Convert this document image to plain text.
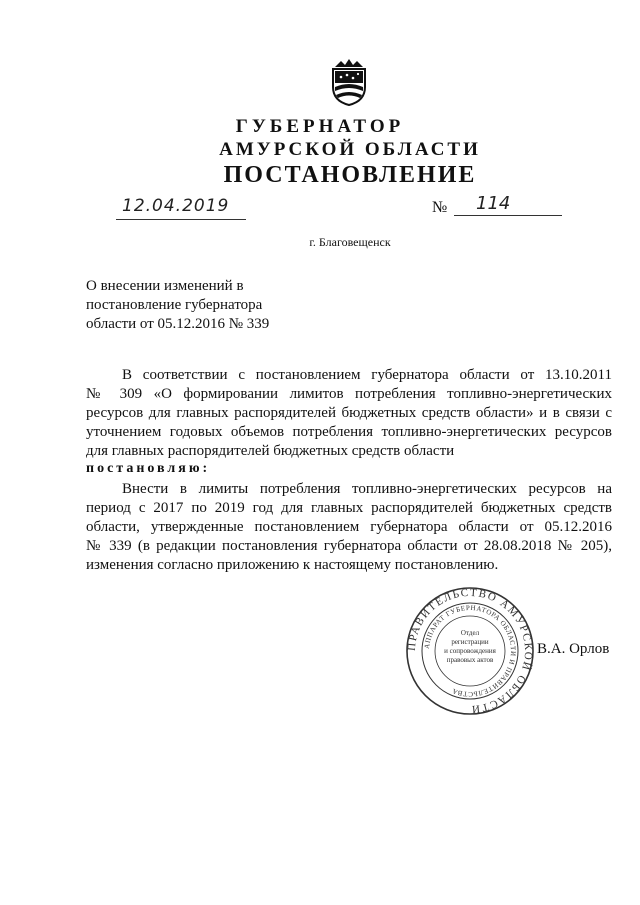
ГУБЕРНАТОР
АМУРСКОЙ ОБЛАСТИ
ПОСТАНОВЛЕНИЕ
12.04.2019	№ 114
г. Благовещенск
О внесении изменений в
постановление губернатора
области от 05.12.2016 № 339
В соответствии с постановлением губернатора области от 13.10.2011
№ 309 «О формировании лимитов потребления топливно-энергетических
ресурсов для главных распорядителей бюджетных средств области» и в связи с
уточнением годовых объемов потребления топливно-энергетических ресурсов
для главных распорядителей бюджетных средств области
постановляю:
Внести в лимиты потребления топливно-энергетических ресурсов на
период с 2017 по 2019 год для главных распорядителей бюджетных средств
области, утвержденные постановлением губернатора области от 05.12.2016
№ 339 (в редакции постановления губернатора области от 28.08.2018 № 205),
изменения согласно приложению к настоящему постановлению.
ПРАВИТЕЛЬСТВО АМУРСКОЙ ОБЛАСТИ
АППАРАТ ГУБЕРНАТОРА ОБЛАСТИ И ПРАВИТЕЛЬСТВА
Отдел
регистрации
и сопровождения
правовых актов
В.А. Орлов
